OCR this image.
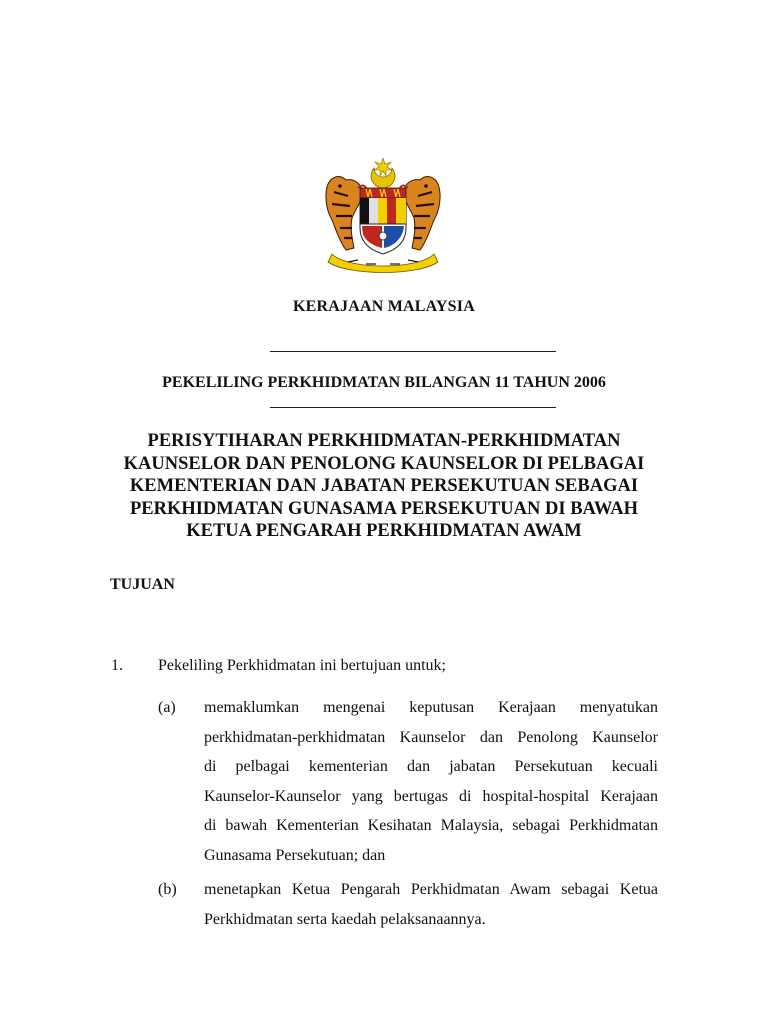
KERAJAAN MALAYSIA
PEKELILING PERKHIDMATAN BILANGAN 11 TAHUN 2006
PERISYTIHARAN PERKHIDMATAN-PERKHIDMATAN
KAUNSELOR DAN PENOLONG KAUNSELOR DI PELBAGAI
KEMENTERIAN DAN JABATAN PERSEKUTUAN SEBAGAI
PERKHIDMATAN GUNASAMA PERSEKUTUAN DI BAWAH
KETUA PENGARAH PERKHIDMATAN AWAM
TUJUAN
1. Pekeliling Perkhidmatan ini bertujuan untuk;
(a) memaklumkan mengenai keputusan Kerajaan menyatukan
perkhidmatan-perkhidmatan Kaunselor dan Penolong Kaunselor
di pelbagai kementerian dan jabatan Persekutuan kecuali
Kaunselor-Kaunselor yang bertugas di hospital-hospital Kerajaan
di bawah Kementerian Kesihatan Malaysia, sebagai Perkhidmatan
Gunasama Persekutuan; dan
(b) menetapkan Ketua Pengarah Perkhidmatan Awam sebagai Ketua
Perkhidmatan serta kaedah pelaksanaannya.
